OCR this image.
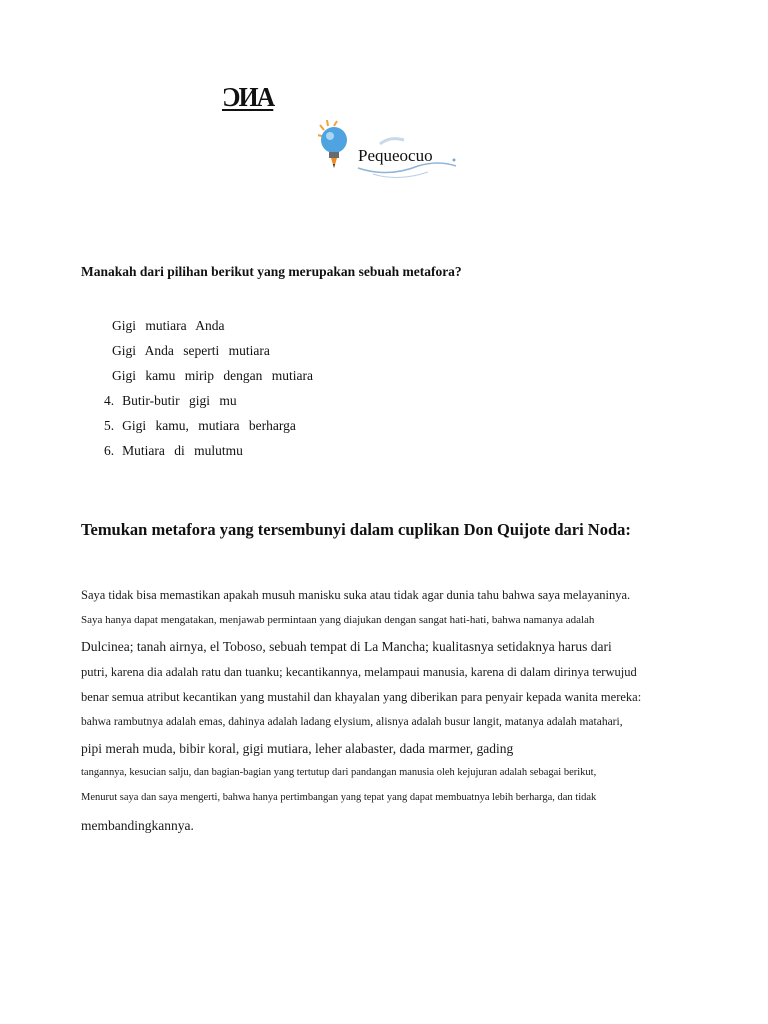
ƆИA
Pequeocuo
Manakah dari pilihan berikut yang merupakan sebuah metafora?
Gigi mutiara Anda
Gigi Anda seperti mutiara
Gigi kamu mirip dengan mutiara
4. Butir-butir gigi mu
5. Gigi kamu, mutiara berharga
6. Mutiara di mulutmu
Temukan metafora yang tersembunyi dalam cuplikan Don Quijote dari Noda:
Saya tidak bisa memastikan apakah musuh manisku suka atau tidak agar dunia tahu bahwa saya melayaninya.
Saya hanya dapat mengatakan, menjawab permintaan yang diajukan dengan sangat hati-hati, bahwa namanya adalah
Dulcinea; tanah airnya, el Toboso, sebuah tempat di La Mancha; kualitasnya setidaknya harus dari
putri, karena dia adalah ratu dan tuanku; kecantikannya, melampaui manusia, karena di dalam dirinya terwujud
benar semua atribut kecantikan yang mustahil dan khayalan yang diberikan para penyair kepada wanita mereka:
bahwa rambutnya adalah emas, dahinya adalah ladang elysium, alisnya adalah busur langit, matanya adalah matahari,
pipi merah muda, bibir koral, gigi mutiara, leher alabaster, dada marmer, gading
tangannya, kesucian salju, dan bagian-bagian yang tertutup dari pandangan manusia oleh kejujuran adalah sebagai berikut,
Menurut saya dan saya mengerti, bahwa hanya pertimbangan yang tepat yang dapat membuatnya lebih berharga, dan tidak
membandingkannya.
